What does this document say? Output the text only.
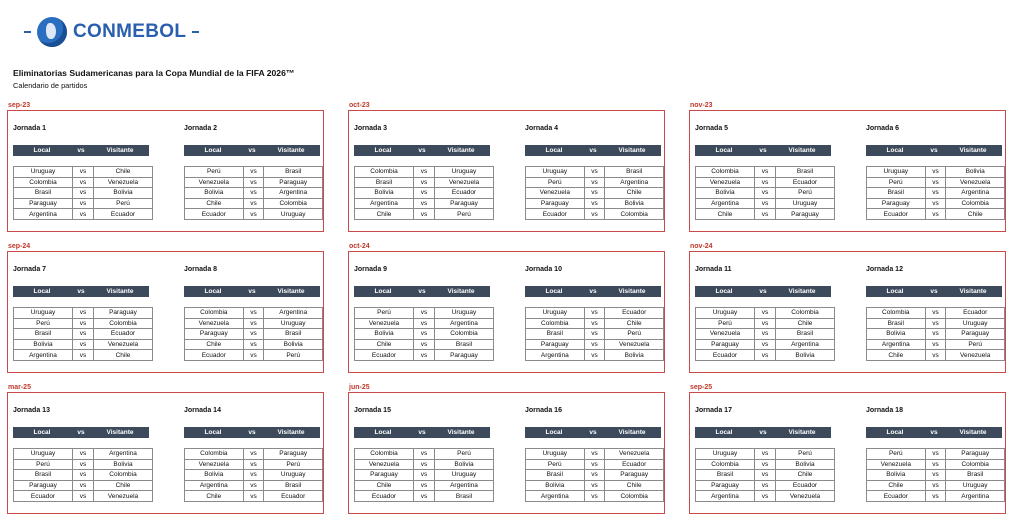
CONMEBOL
Eliminatorias Sudamericanas para la Copa Mundial de la FIFA 2026™
Calendario de partidos
sep-23
Jornada 1
Local	vs	Visitante
Uruguay	vs	Chile
Colombia	vs	Venezuela
Brasil	vs	Bolivia
Paraguay	vs	Perú
Argentina	vs	Ecuador
Jornada 2
Local	vs	Visitante
Perú	vs	Brasil
Venezuela	vs	Paraguay
Bolivia	vs	Argentina
Chile	vs	Colombia
Ecuador	vs	Uruguay
oct-23
Jornada 3
Local	vs	Visitante
Colombia	vs	Uruguay
Brasil	vs	Venezuela
Bolivia	vs	Ecuador
Argentina	vs	Paraguay
Chile	vs	Perú
Jornada 4
Local	vs	Visitante
Uruguay	vs	Brasil
Perú	vs	Argentina
Venezuela	vs	Chile
Paraguay	vs	Bolivia
Ecuador	vs	Colombia
nov-23
Jornada 5
Local	vs	Visitante
Colombia	vs	Brasil
Venezuela	vs	Ecuador
Bolivia	vs	Perú
Argentina	vs	Uruguay
Chile	vs	Paraguay
Jornada 6
Local	vs	Visitante
Uruguay	vs	Bolivia
Perú	vs	Venezuela
Brasil	vs	Argentina
Paraguay	vs	Colombia
Ecuador	vs	Chile
sep-24
Jornada 7
Local	vs	Visitante
Uruguay	vs	Paraguay
Perú	vs	Colombia
Brasil	vs	Ecuador
Bolivia	vs	Venezuela
Argentina	vs	Chile
Jornada 8
Local	vs	Visitante
Colombia	vs	Argentina
Venezuela	vs	Uruguay
Paraguay	vs	Brasil
Chile	vs	Bolivia
Ecuador	vs	Perú
oct-24
Jornada 9
Local	vs	Visitante
Perú	vs	Uruguay
Venezuela	vs	Argentina
Bolivia	vs	Colombia
Chile	vs	Brasil
Ecuador	vs	Paraguay
Jornada 10
Local	vs	Visitante
Uruguay	vs	Ecuador
Colombia	vs	Chile
Brasil	vs	Perú
Paraguay	vs	Venezuela
Argentina	vs	Bolivia
nov-24
Jornada 11
Local	vs	Visitante
Uruguay	vs	Colombia
Perú	vs	Chile
Venezuela	vs	Brasil
Paraguay	vs	Argentina
Ecuador	vs	Bolivia
Jornada 12
Local	vs	Visitante
Colombia	vs	Ecuador
Brasil	vs	Uruguay
Bolivia	vs	Paraguay
Argentina	vs	Perú
Chile	vs	Venezuela
mar-25
Jornada 13
Local	vs	Visitante
Uruguay	vs	Argentina
Perú	vs	Bolivia
Brasil	vs	Colombia
Paraguay	vs	Chile
Ecuador	vs	Venezuela
Jornada 14
Local	vs	Visitante
Colombia	vs	Paraguay
Venezuela	vs	Perú
Bolivia	vs	Uruguay
Argentina	vs	Brasil
Chile	vs	Ecuador
jun-25
Jornada 15
Local	vs	Visitante
Colombia	vs	Perú
Venezuela	vs	Bolivia
Paraguay	vs	Uruguay
Chile	vs	Argentina
Ecuador	vs	Brasil
Jornada 16
Local	vs	Visitante
Uruguay	vs	Venezuela
Perú	vs	Ecuador
Brasil	vs	Paraguay
Bolivia	vs	Chile
Argentina	vs	Colombia
sep-25
Jornada 17
Local	vs	Visitante
Uruguay	vs	Perú
Colombia	vs	Bolivia
Brasil	vs	Chile
Paraguay	vs	Ecuador
Argentina	vs	Venezuela
Jornada 18
Local	vs	Visitante
Perú	vs	Paraguay
Venezuela	vs	Colombia
Bolivia	vs	Brasil
Chile	vs	Uruguay
Ecuador	vs	Argentina
